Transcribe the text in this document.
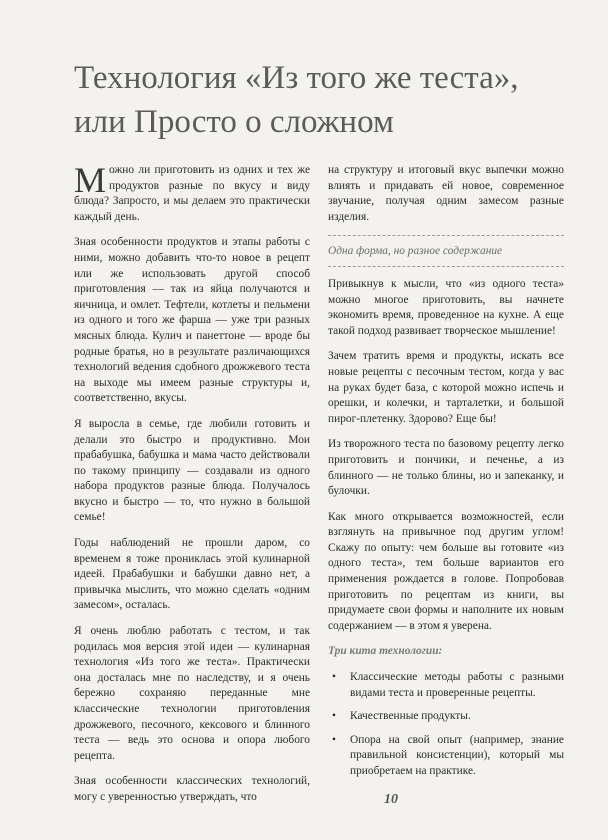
Технология «Из того же теста»,
или Просто о сложном

Можно ли приготовить из одних и тех же продуктов разные по вкусу и виду блюда? Запросто, и мы делаем это практически каждый день.

Зная особенности продуктов и этапы работы с ними, можно добавить что-то новое в рецепт или же использовать другой способ приготовления — так из яйца получаются и яичница, и омлет. Тефтели, котлеты и пельмени из одного и того же фарша — уже три разных мясных блюда. Кулич и панеттоне — вроде бы родные братья, но в результате различающихся технологий ведения сдобного дрожжевого теста на выходе мы имеем разные структуры и, соответственно, вкусы.

Я выросла в семье, где любили готовить и делали это быстро и продуктивно. Мои прабабушка, бабушка и мама часто действовали по такому принципу — создавали из одного набора продуктов разные блюда. Получалось вкусно и быстро — то, что нужно в большой семье!

Годы наблюдений не прошли даром, со временем я тоже прониклась этой кулинарной идеей. Прабабушки и бабушки давно нет, а привычка мыслить, что можно сделать «одним замесом», осталась.

Я очень люблю работать с тестом, и так родилась моя версия этой идеи — кулинарная технология «Из того же теста». Практически она досталась мне по наследству, и я очень бережно сохраняю переданные мне классические технологии приготовления дрожжевого, песочного, кексового и блинного теста — ведь это основа и опора любого рецепта.

Зная особенности классических технологий, могу с уверенностью утверждать, что

на структуру и итоговый вкус выпечки можно влиять и придавать ей новое, современное звучание, получая одним замесом разные изделия.

Одна форма, но разное содержание

Привыкнув к мысли, что «из одного теста» можно многое приготовить, вы начнете экономить время, проведенное на кухне. А еще такой подход развивает творческое мышление!

Зачем тратить время и продукты, искать все новые рецепты с песочным тестом, когда у вас на руках будет база, с которой можно испечь и орешки, и колечки, и тарталетки, и большой пирог-плетенку. Здорово? Еще бы!

Из творожного теста по базовому рецепту легко приготовить и пончики, и печенье, а из блинного — не только блины, но и запеканку, и булочки.

Как много открывается возможностей, если взглянуть на привычное под другим углом! Скажу по опыту: чем больше вы готовите «из одного теста», тем больше вариантов его применения рождается в голове. Попробовав приготовить по рецептам из книги, вы придумаете свои формы и наполните их новым содержанием — в этом я уверена.

Три кита технологии:

• Классические методы работы с разными видами теста и проверенные рецепты.
• Качественные продукты.
• Опора на свой опыт (например, знание правильной консистенции), который мы приобретаем на практике.
10
